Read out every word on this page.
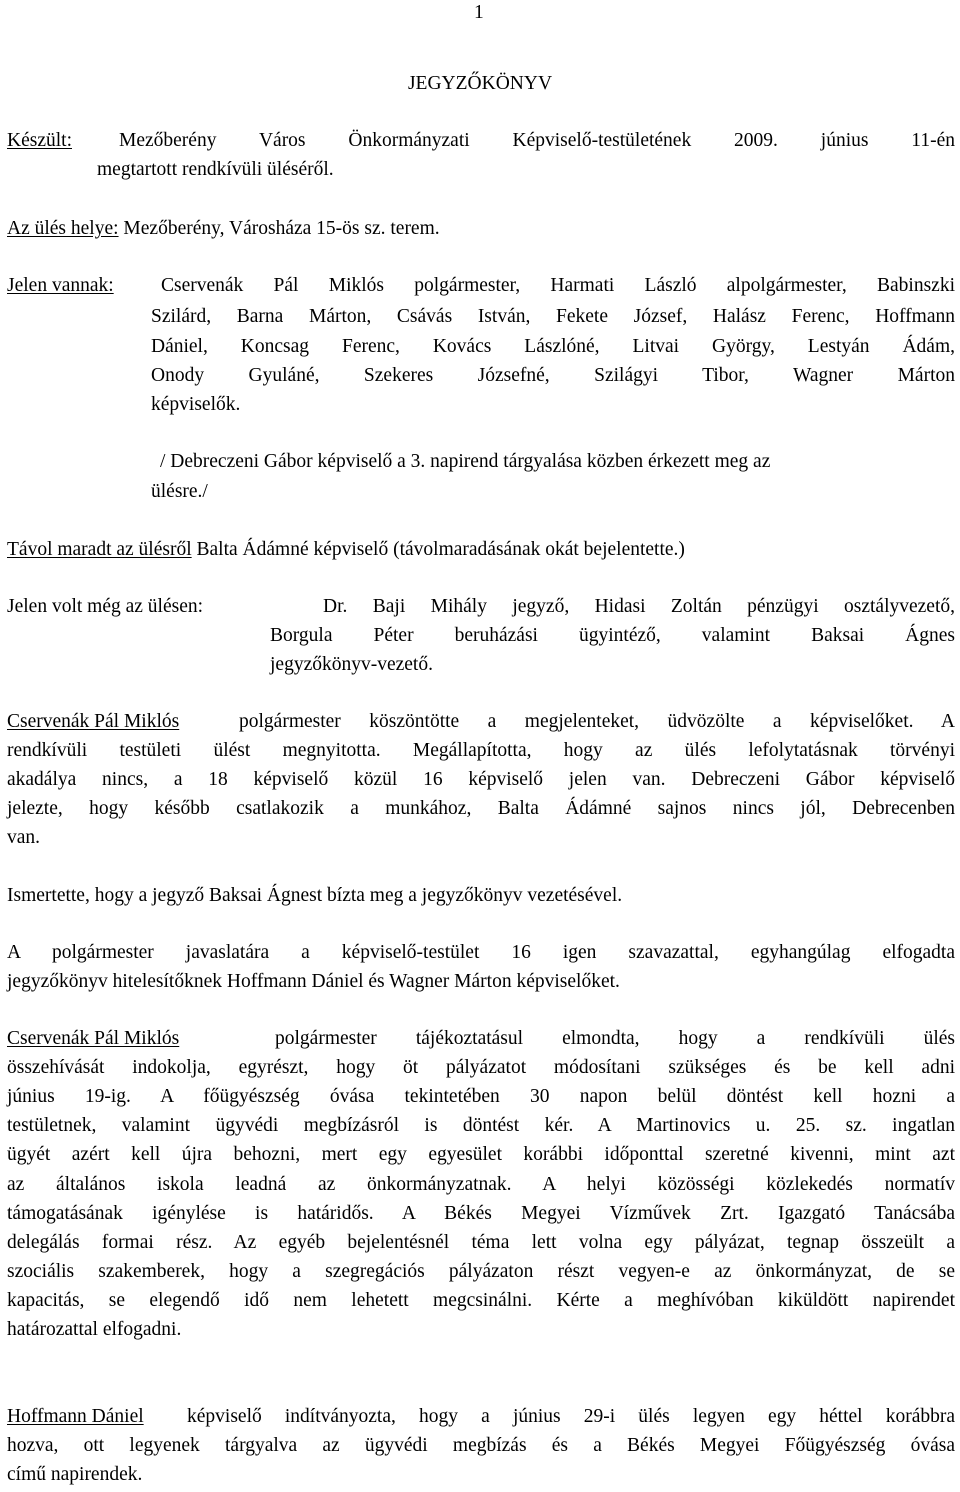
1
JEGYZŐKÖNYV
Készült: Mezőberény Város Önkormányzati Képviselő-testületének 2009. június 11-én
megtartott rendkívüli üléséről.
Az ülés helye: Mezőberény, Városháza 15-ös sz. terem.
Jelen vannak: Cservenák Pál Miklós polgármester, Harmati László alpolgármester, Babinszki
Szilárd, Barna Márton, Csávás István, Fekete József, Halász Ferenc, Hoffmann
Dániel, Koncsag Ferenc, Kovács Lászlóné, Litvai György, Lestyán Ádám,
Onody Gyuláné, Szekeres Józsefné, Szilágyi Tibor, Wagner Márton
képviselők.
/ Debreczeni Gábor képviselő a 3. napirend tárgyalása közben érkezett meg az
ülésre./
Távol maradt az ülésről Balta Ádámné képviselő (távolmaradásának okát bejelentette.)
Jelen volt még az ülésen:	Dr. Baji Mihály jegyző, Hidasi Zoltán pénzügyi osztályvezető,
Borgula Péter beruházási ügyintéző, valamint Baksai Ágnes
jegyzőkönyv-vezető.
Cservenák Pál Miklós	polgármester köszöntötte a megjelenteket, üdvözölte a képviselőket. A
rendkívüli testületi ülést megnyitotta. Megállapította, hogy az ülés lefolytatásnak törvényi
akadálya nincs, a 18 képviselő közül 16 képviselő jelen van. Debreczeni Gábor képviselő
jelezte, hogy később csatlakozik a munkához, Balta Ádámné sajnos nincs jól, Debrecenben
van.
Ismertette, hogy a jegyző Baksai Ágnest bízta meg a jegyzőkönyv vezetésével.
A polgármester javaslatára a képviselő-testület 16 igen szavazattal, egyhangúlag elfogadta
jegyzőkönyv hitelesítőknek Hoffmann Dániel és Wagner Márton képviselőket.
Cservenák Pál Miklós	polgármester tájékoztatásul elmondta, hogy a rendkívüli ülés
összehívását indokolja, egyrészt, hogy öt pályázatot módosítani szükséges és be kell adni
június 19-ig. A főügyészség óvása tekintetében 30 napon belül döntést kell hozni a
testületnek, valamint ügyvédi megbízásról is döntést kér. A Martinovics u. 25. sz. ingatlan
ügyét azért kell újra behozni, mert egy egyesület korábbi időponttal szeretné kivenni, mint azt
az általános iskola leadná az önkormányzatnak. A helyi közösségi közlekedés normatív
támogatásának igénylése is határidős. A Békés Megyei Vízművek Zrt. Igazgató Tanácsába
delegálás formai rész. Az egyéb bejelentésnél téma lett volna egy pályázat, tegnap összeült a
szociális szakemberek, hogy a szegregációs pályázaton részt vegyen-e az önkormányzat, de se
kapacitás, se elegendő idő nem lehetett megcsinálni. Kérte a meghívóban kiküldött napirendet
határozattal elfogadni.
Hoffmann Dániel képviselő indítványozta, hogy a június 29-i ülés legyen egy héttel korábbra
hozva, ott legyenek tárgyalva az ügyvédi megbízás és a Békés Megyei Főügyészség óvása
című napirendek.
